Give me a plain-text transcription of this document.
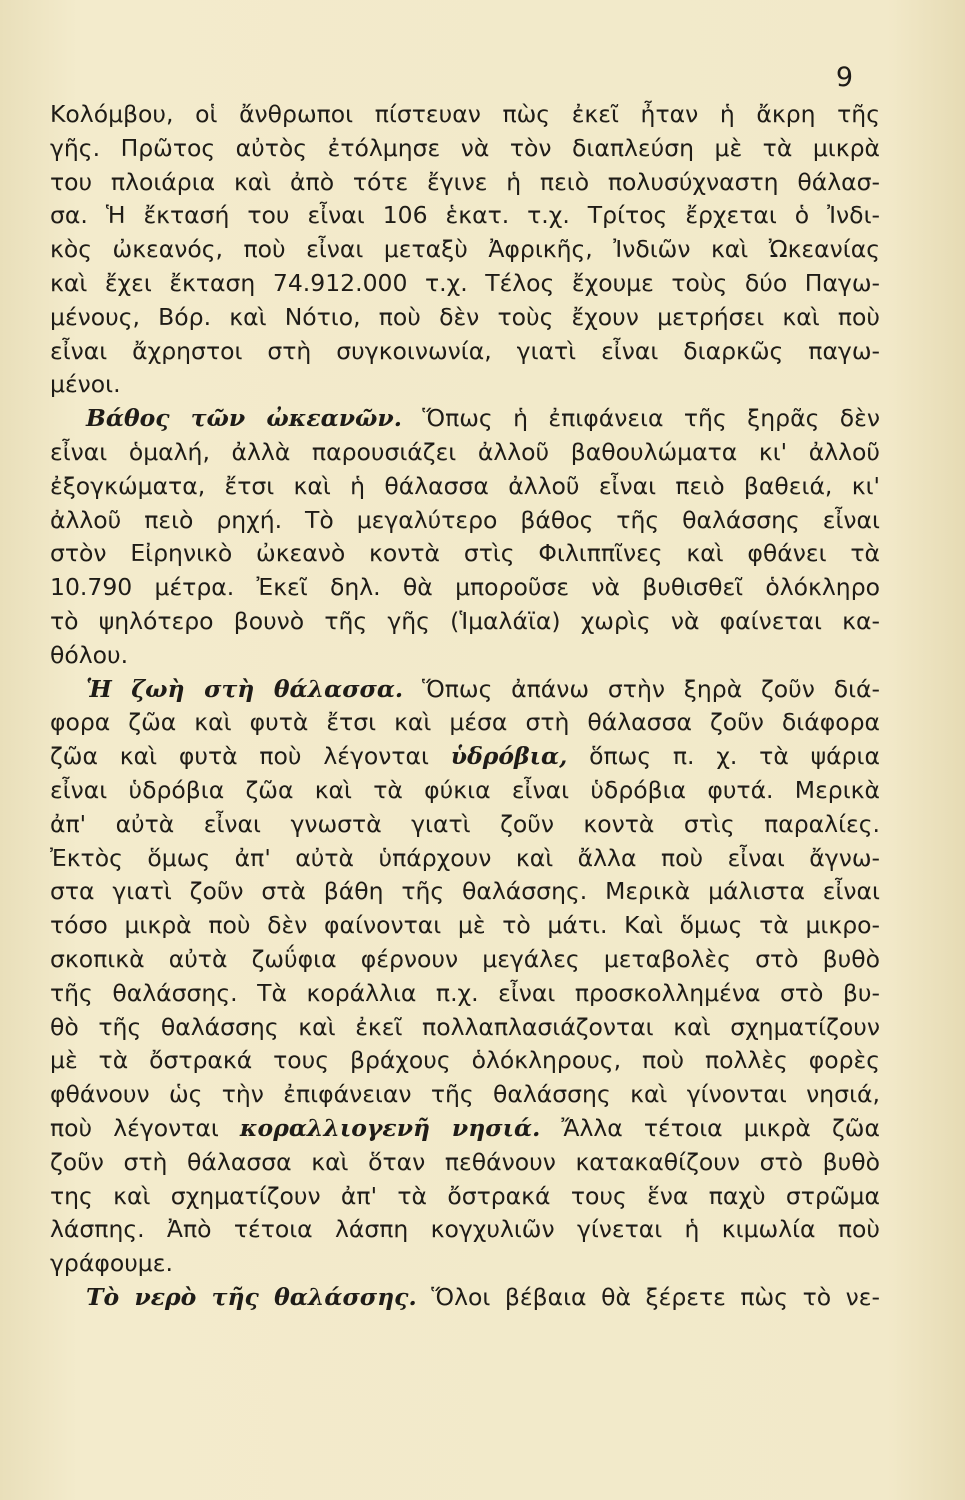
9
Κολόμβου, οἱ ἄνθρωποι πίστευαν πὼς ἐκεῖ ἦταν ἡ ἄκρη τῆς
γῆς. Πρῶτος αὐτὸς ἐτόλμησε νὰ τὸν διαπλεύση μὲ τὰ μικρὰ
του πλοιάρια καὶ ἀπὸ τότε ἔγινε ἡ πειὸ πολυσύχναστη θάλασ-
σα. Ἡ ἔκτασή του εἶναι 106 ἑκατ. τ.χ. Τρίτος ἔρχεται ὁ Ἰνδι-
κὸς ὠκεανός, ποὺ εἶναι μεταξὺ Ἀφρικῆς, Ἰνδιῶν καὶ Ὠκεανίας
καὶ ἔχει ἔκταση 74.912.000 τ.χ. Τέλος ἔχουμε τοὺς δύο Παγω-
μένους, Βόρ. καὶ Νότιο, ποὺ δὲν τοὺς ἔχουν μετρήσει καὶ ποὺ
εἶναι ἄχρηστοι στὴ συγκοινωνία, γιατὶ εἶναι διαρκῶς παγω-
μένοι.
Βάθος τῶν ὠκεανῶν. Ὅπως ἡ ἐπιφάνεια τῆς ξηρᾶς δὲν
εἶναι ὁμαλή, ἀλλὰ παρουσιάζει ἀλλοῦ βαθουλώματα κι' ἀλλοῦ
ἐξογκώματα, ἔτσι καὶ ἡ θάλασσα ἀλλοῦ εἶναι πειὸ βαθειά, κι'
ἀλλοῦ πειὸ ρηχή. Τὸ μεγαλύτερο βάθος τῆς θαλάσσης εἶναι
στὸν Εἰρηνικὸ ὠκεανὸ κοντὰ στὶς Φιλιππῖνες καὶ φθάνει τὰ
10.790 μέτρα. Ἐκεῖ δηλ. θὰ μποροῦσε νὰ βυθισθεῖ ὁλόκληρο
τὸ ψηλότερο βουνὸ τῆς γῆς (Ἱμαλάϊα) χωρὶς νὰ φαίνεται κα-
θόλου.
Ἡ ζωὴ στὴ θάλασσα. Ὅπως ἀπάνω στὴν ξηρὰ ζοῦν διά-
φορα ζῶα καὶ φυτὰ ἔτσι καὶ μέσα στὴ θάλασσα ζοῦν διάφορα
ζῶα καὶ φυτὰ ποὺ λέγονται ὑδρόβια, ὅπως π. χ. τὰ ψάρια
εἶναι ὑδρόβια ζῶα καὶ τὰ φύκια εἶναι ὑδρόβια φυτά. Μερικὰ
ἀπ' αὐτὰ εἶναι γνωστὰ γιατὶ ζοῦν κοντὰ στὶς παραλίες.
Ἐκτὸς ὅμως ἀπ' αὐτὰ ὑπάρχουν καὶ ἄλλα ποὺ εἶναι ἄγνω-
στα γιατὶ ζοῦν στὰ βάθη τῆς θαλάσσης. Μερικὰ μάλιστα εἶναι
τόσο μικρὰ ποὺ δὲν φαίνονται μὲ τὸ μάτι. Καὶ ὅμως τὰ μικρο-
σκοπικὰ αὐτὰ ζωΰφια φέρνουν μεγάλες μεταβολὲς στὸ βυθὸ
τῆς θαλάσσης. Τὰ κοράλλια π.χ. εἶναι προσκολλημένα στὸ βυ-
θὸ τῆς θαλάσσης καὶ ἐκεῖ πολλαπλασιάζονται καὶ σχηματίζουν
μὲ τὰ ὄστρακά τους βράχους ὁλόκληρους, ποὺ πολλὲς φορὲς
φθάνουν ὡς τὴν ἐπιφάνειαν τῆς θαλάσσης καὶ γίνονται νησιά,
ποὺ λέγονται κοραλλιογενῆ νησιά. Ἄλλα τέτοια μικρὰ ζῶα
ζοῦν στὴ θάλασσα καὶ ὅταν πεθάνουν κατακαθίζουν στὸ βυθὸ
της καὶ σχηματίζουν ἀπ' τὰ ὄστρακά τους ἕνα παχὺ στρῶμα
λάσπης. Ἀπὸ τέτοια λάσπη κογχυλιῶν γίνεται ἡ κιμωλία ποὺ
γράφουμε.
Τὸ νερὸ τῆς θαλάσσης. Ὅλοι βέβαια θὰ ξέρετε πὼς τὸ νε-
